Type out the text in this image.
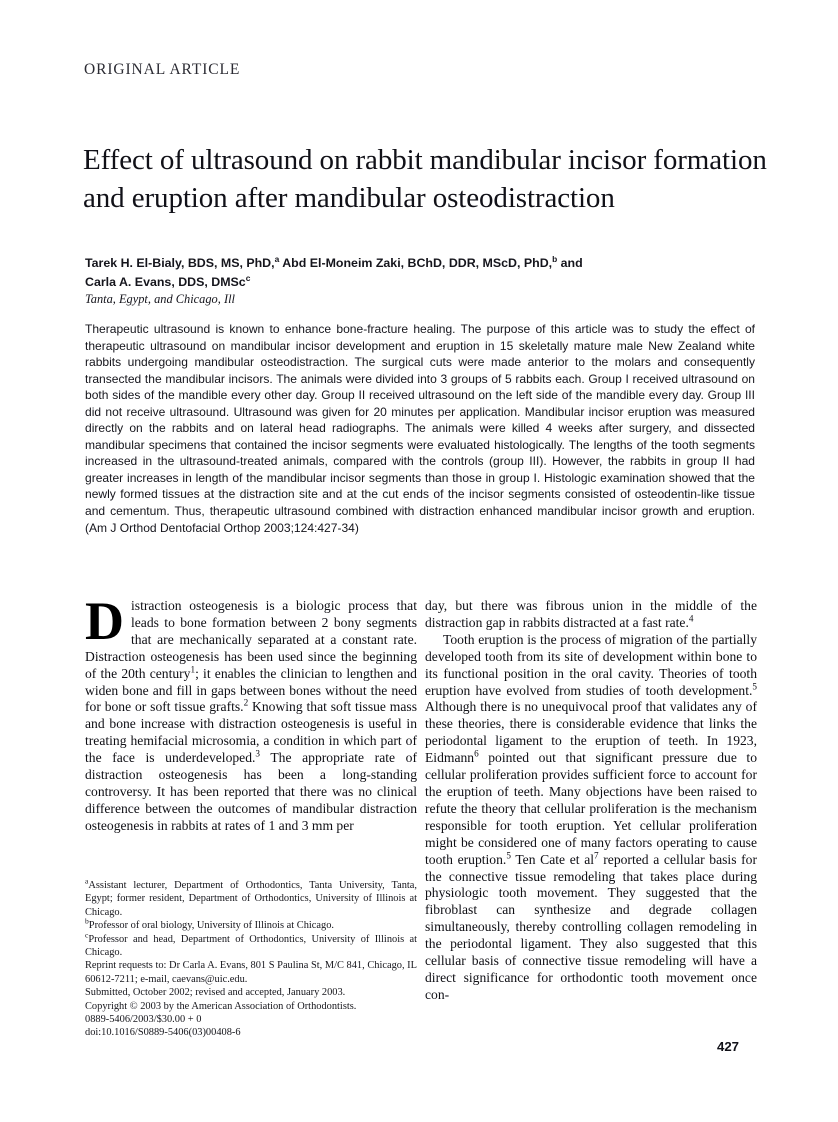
ORIGINAL ARTICLE
Effect of ultrasound on rabbit mandibular incisor formation and eruption after mandibular osteodistraction
Tarek H. El-Bialy, BDS, MS, PhD,$^a$ Abd El-Moneim Zaki, BChD, DDR, MScD, PhD,$^b$ and
Carla A. Evans, DDS, DMSc$^c$
Tanta, Egypt, and Chicago, Ill
Therapeutic ultrasound is known to enhance bone-fracture healing. The purpose of this article was to study the effect of therapeutic ultrasound on mandibular incisor development and eruption in 15 skeletally mature male New Zealand white rabbits undergoing mandibular osteodistraction. The surgical cuts were made anterior to the molars and consequently transected the mandibular incisors. The animals were divided into 3 groups of 5 rabbits each. Group I received ultrasound on both sides of the mandible every other day. Group II received ultrasound on the left side of the mandible every day. Group III did not receive ultrasound. Ultrasound was given for 20 minutes per application. Mandibular incisor eruption was measured directly on the rabbits and on lateral head radiographs. The animals were killed 4 weeks after surgery, and dissected mandibular specimens that contained the incisor segments were evaluated histologically. The lengths of the tooth segments increased in the ultrasound-treated animals, compared with the controls (group III). However, the rabbits in group II had greater increases in length of the mandibular incisor segments than those in group I. Histologic examination showed that the newly formed tissues at the distraction site and at the cut ends of the incisor segments consisted of osteodentin-like tissue and cementum. Thus, therapeutic ultrasound combined with distraction enhanced mandibular incisor growth and eruption. (Am J Orthod Dentofacial Orthop 2003;124:427-34)

Distraction osteogenesis is a biologic process that leads to bone formation between 2 bony segments that are mechanically separated at a constant rate. Distraction osteogenesis has been used since the beginning of the 20th century$^1$; it enables the clinician to lengthen and widen bone and fill in gaps between bones without the need for bone or soft tissue grafts.$^2$ Knowing that soft tissue mass and bone increase with distraction osteogenesis is useful in treating hemifacial microsomia, a condition in which part of the face is underdeveloped.$^3$ The appropriate rate of distraction osteogenesis has been a long-standing controversy. It has been reported that there was no clinical difference between the outcomes of mandibular distraction osteogenesis in rabbits at rates of 1 and 3 mm per

day, but there was fibrous union in the middle of the distraction gap in rabbits distracted at a fast rate.$^4$

Tooth eruption is the process of migration of the partially developed tooth from its site of development within bone to its functional position in the oral cavity. Theories of tooth eruption have evolved from studies of tooth development.$^5$ Although there is no unequivocal proof that validates any of these theories, there is considerable evidence that links the periodontal ligament to the eruption of teeth. In 1923, Eidmann$^6$ pointed out that significant pressure due to cellular proliferation provides sufficient force to account for the eruption of teeth. Many objections have been raised to refute the theory that cellular proliferation is the mechanism responsible for tooth eruption. Yet cellular proliferation might be considered one of many factors operating to cause tooth eruption.$^5$ Ten Cate et $al^7$ reported a cellular basis for the connective tissue remodeling that takes place during physiologic tooth movement. They suggested that the fibroblast can synthesize and degrade collagen simultaneously, thereby controlling collagen remodeling in the periodontal ligament. They also suggested that this cellular basis of connective tissue remodeling will have a direct significance for orthodontic tooth movement once con-

$^a$Assistant lecturer, Department of Orthodontics, Tanta University, Tanta, Egypt; former resident, Department of Orthodontics, University of Illinois at Chicago.

$^b$Professor of oral biology, University of Illinois at Chicago.

$^c$Professor and head, Department of Orthodontics, University of Illinois at Chicago.

Reprint requests to: Dr Carla A. Evans, 801 S Paulina St, M/C 841, Chicago, IL 60612-7211; e-mail, caevans@uic.edu.

Submitted, October 2002; revised and accepted, January 2003.

Copyright © 2003 by the American Association of Orthodontists.

0889-5406/2003/$30.00 + 0

doi:10.1016/S0889-5406(03)00408-6

427
